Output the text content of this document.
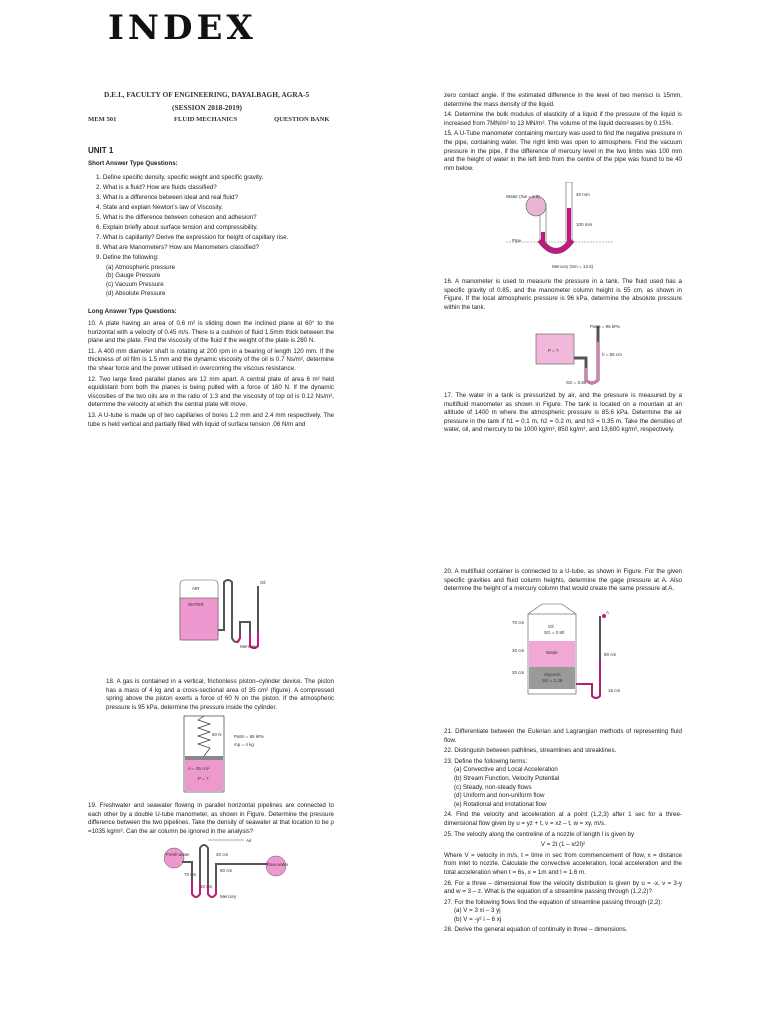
INDEX
D.E.I., FACULTY OF ENGINEERING, DAYALBAGH, AGRA-5
(SESSION 2018-2019)
MEM 501	FLUID MECHANICS	QUESTION BANK
UNIT 1
Short Answer Type Questions:
1. Define specific density, specific weight and specific gravity.
2. What is a fluid? How are fluids classified?
3. What is a difference between ideal and real fluid?
4. State and explain Newton's law of Viscosity.
5. What is the difference between cohesion and adhesion?
6. Explain briefly about surface tension and compressibility.
7. What is capillarity? Derive the expression for height of capillary rise.
8. What are Manometers? How are Manometers classified?
9. Define the following:
(a) Atmospheric pressure
(b) Gauge Pressure
(c) Vacuum Pressure
(d) Absolute Pressure
Long Answer Type Questions:

10. A plate having an area of 0.6 m² is sliding down the inclined plane at 60° to the horizontal with a velocity of 0.45 m/s. There is a cushion of fluid 1.5mm thick between the plane and the plate. Find the viscosity of the fluid if the weight of the plate is 280 N.

11. A 400 mm diameter shaft is rotating at 200 rpm in a bearing of length 120 mm. If the thickness of oil film is 1.5 mm and the dynamic viscosity of the oil is 0.7 Ns/m², determine the shear force and the power utilised in overcoming the viscous resistance.

12. Two large fixed parallel planes are 12 mm apart. A central plate of area 6 m² held equidistant from both the planes is being pulled with a force of 160 N. If the dynamic viscosities of the two oils are in the ratio of 1:3 and the viscosity of top oil is 0.12 Ns/m², determine the velocity at which the central plate will move.

13. A U-tube is made up of two capillaries of bores 1.2 mm and 2.4 mm respectively. The tube is held vertical and partially filled with liquid of surface tension .06 N/m and

zero contact angle. If the estimated difference in the level of two menisci is 15mm, determine the mass density of the liquid.

14. Determine the bulk modulus of elasticity of a liquid if the pressure of the liquid is increased from 7MN/m² to 13 MN/m². The volume of the liquid decreases by 0.15%.

15. A U-Tube manometer containing mercury was used to find the negative pressure in the pipe, containing water. The right limb was open to atmosphere. Find the vacuum pressure in the pipe, if the difference of mercury level in the two limbs was 100 mm and the height of water in the left limb from the centre of the pipe was found to be 40 mm below.

Water (Sw = 1.0)
Pipe
Mercury (Sm = 13.6)
40 mm
100 mm

16. A manometer is used to measure the pressure in a tank. The fluid used has a specific gravity of 0.85, and the manometer column height is 55 cm, as shown in Figure. If the local atmospheric pressure is 96 kPa, determine the absolute pressure within the tank.

Patm = 96 kPa
P = ?
h = 55 cm
SG = 0.85

17. The water in a tank is pressurized by air, and the pressure is measured by a multifluid manometer as shown in Figure. The tank is located on a mountain at an altitude of 1400 m where the atmospheric pressure is 85.6 kPa. Determine the air pressure in the tank if h1 = 0.1 m, h2 = 0.2 m, and h3 = 0.35 m. Take the densities of water, oil, and mercury to be 1000 kg/m³, 850 kg/m³, and 13,600 kg/m³, respectively.

AIR
WATER
Oil
Mercury

18. A gas is contained in a vertical, frictionless piston–cylinder device. The piston has a mass of 4 kg and a cross-sectional area of 35 cm² (figure). A compressed spring above the piston exerts a force of 60 N on the piston. If the atmospheric pressure is 95 kPa, determine the pressure inside the cylinder.

60 N	Patm = 95 kPa
mp = 4 kg
A = 35 cm²
P = ?

19. Freshwater and seawater flowing in parallel horizontal pipelines are connected to each other by a double U-tube manometer, as shown in Figure. Determine the pressure difference between the two pipelines. Take the density of seawater at that location to be ρ =1035 kg/m³. Can the air column be ignored in the analysis?

Air
Fresh water
Sea water
Mercury
40 cm
70 cm
60 cm
10 cm

20. A multifluid container is connected to a U-tube, as shown in Figure. For the given specific gravities and fluid column heights, determine the gage pressure at A. Also determine the height of a mercury column that would create the same pressure at A.

A
Oil
SG = 0.90
Water
Glycerin
SG = 1.26
70 cm
30 cm
20 cm
90 cm
15 cm

21. Differentiate between the Eulerian and Lagrangian methods of representing fluid flow.

22. Distinguish between pathlines, streamlines and streaklines.

23. Define the following terms:

(a) Convective and Local Acceleration
(b) Stream Function, Velocity Potential
(c) Steady, non-steady flows
(d) Uniform and non-uniform flow
(e) Rotational and irrotational flow

24. Find the velocity and acceleration at a point (1,2,3) after 1 sec for a three-dimensional flow given by u = yz + t, v = xz – t, w = xy, m/s.

25. The velocity along the centreline of a nozzle of length l is given by

V = 2t (1 – x/2l)²

Where V = velocity in m/s, t = time in sec from commencement of flow, x = distance from inlet to nozzle. Calculate the convective acceleration, local acceleration and the total acceleration when t = 6s, x = 1m and l = 1.6 m.

26. For a three – dimensional flow the velocity distribution is given by u = -x, v = 3-y and w = 3 – z. What is the equation of a streamline passing through (1,2,2)?

27. For the following flows find the equation of streamline passing through (2,2):

(a) V = 3 xi – 3 yj
(b) V = -y² i – 6 xj

28. Derive the general equation of continuity in three – dimensions.
